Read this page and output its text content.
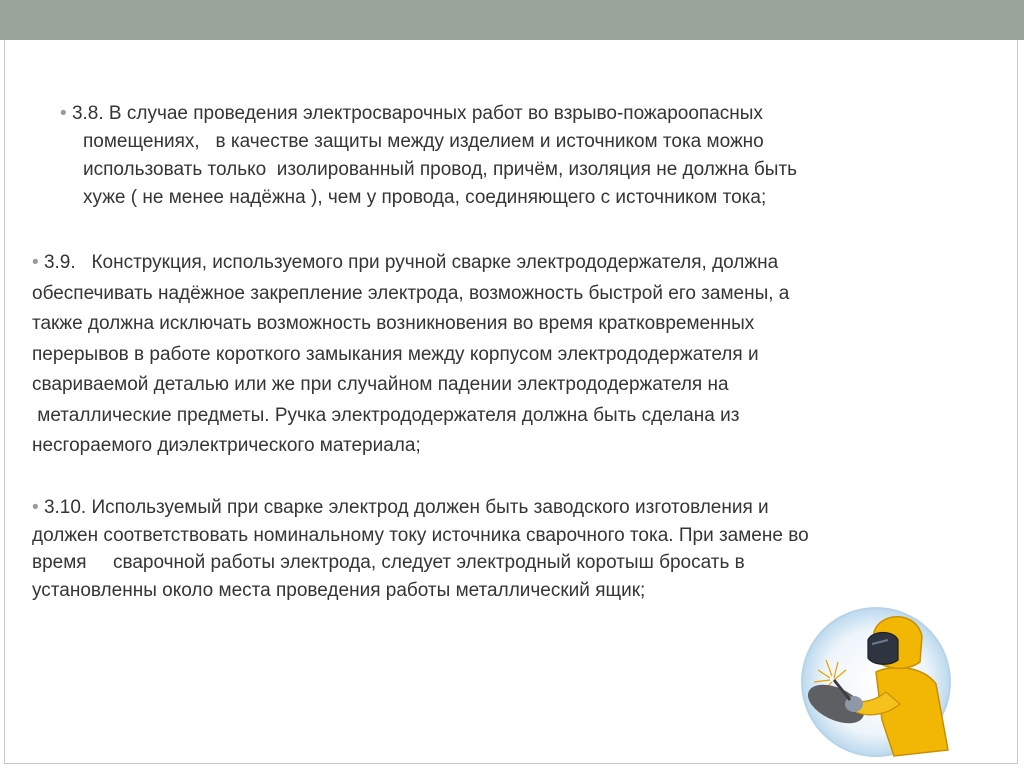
• 3.8. В случае проведения электросварочных работ во взрыво-пожароопасных
помещениях,   в качестве защиты между изделием и источником тока можно
использовать только  изолированный провод, причём, изоляция не должна быть
хуже ( не менее надёжна ), чем у провода, соединяющего с источником тока;

• 3.9.   Конструкция, используемого при ручной сварке электрододержателя, должна
обеспечивать надёжное закрепление электрода, возможность быстрой его замены, а
также должна исключать возможность возникновения во время кратковременных
перерывов в работе короткого замыкания между корпусом электрододержателя и
свариваемой деталью или же при случайном падении электрододержателя на
металлические предметы. Ручка электрододержателя должна быть сделана из
несгораемого диэлектрического материала;

• 3.10. Используемый при сварке электрод должен быть заводского изготовления и
должен соответствовать номинальному току источника сварочного тока. При замене во
время     сварочной работы электрода, следует электродный коротыш бросать в
установленны около места проведения работы металлический ящик;
